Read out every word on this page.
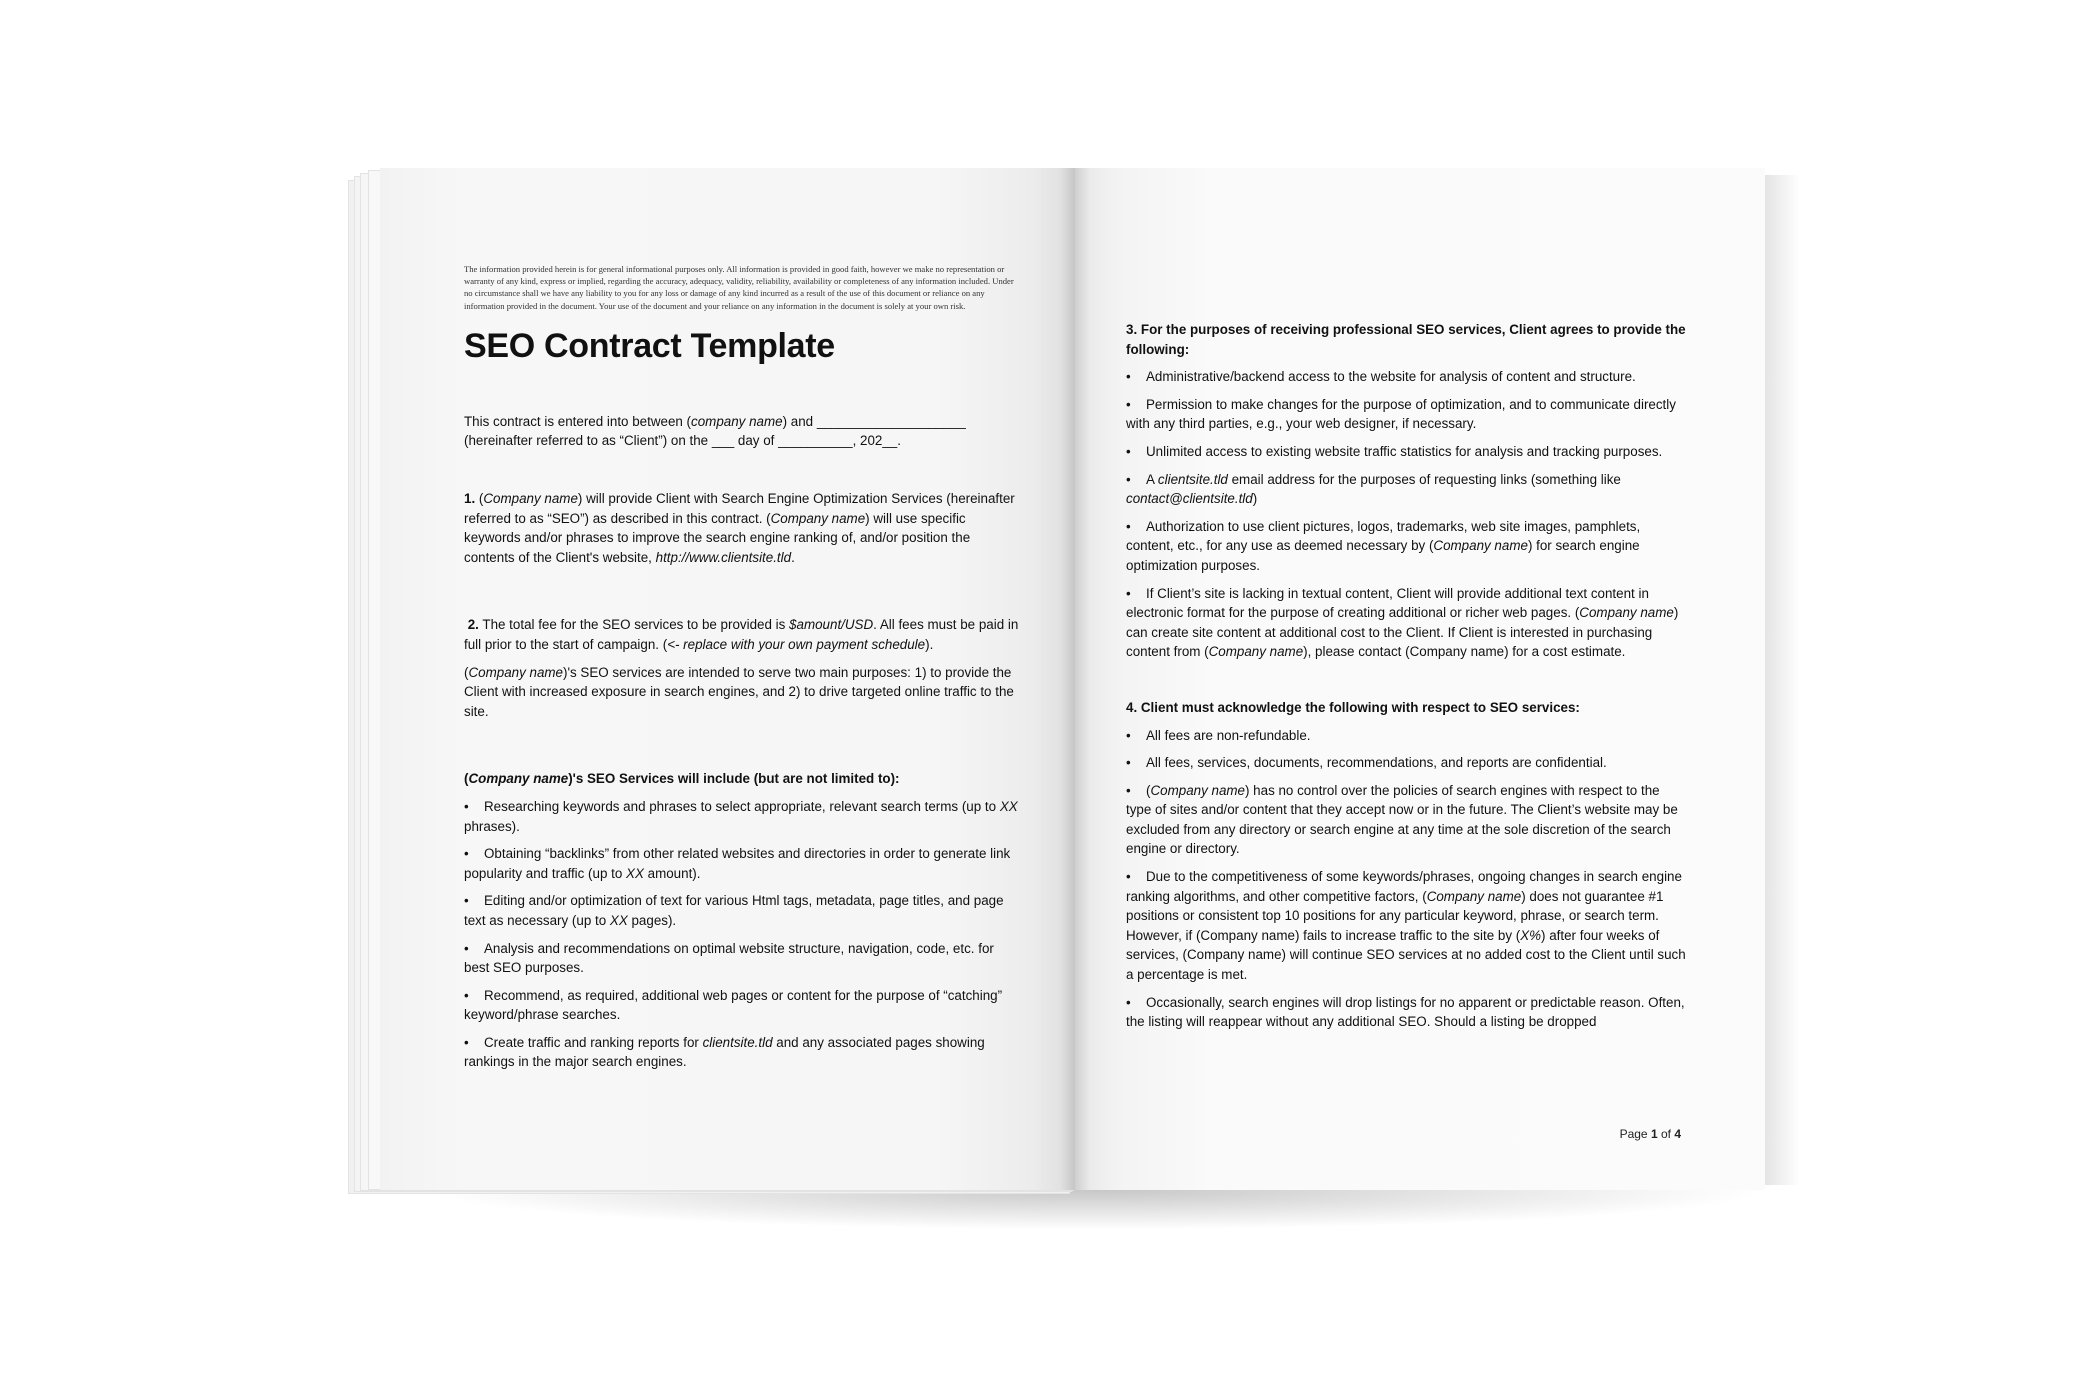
The information provided herein is for general informational purposes only. All information is provided in good faith, however we make no representation or warranty of any kind, express or implied, regarding the accuracy, adequacy, validity, reliability, availability or completeness of any information included. Under no circumstance shall we have any liability to you for any loss or damage of any kind incurred as a result of the use of this document or reliance on any information provided in the document. Your use of the document and your reliance on any information in the document is solely at your own risk.

SEO Contract Template

This contract is entered into between (company name) and ____________________ (hereinafter referred to as “Client”) on the ___ day of __________, 202__.

1. (Company name) will provide Client with Search Engine Optimization Services (hereinafter referred to as “SEO”) as described in this contract. (Company name) will use specific keywords and/or phrases to improve the search engine ranking of, and/or position the contents of the Client's website, http://www.clientsite.tld.

2. The total fee for the SEO services to be provided is $amount/USD. All fees must be paid in full prior to the start of campaign. (<- replace with your own payment schedule).

(Company name)'s SEO services are intended to serve two main purposes: 1) to provide the Client with increased exposure in search engines, and 2) to drive targeted online traffic to the site.

(Company name)'s SEO Services will include (but are not limited to):

• Researching keywords and phrases to select appropriate, relevant search terms (up to XX phrases).

• Obtaining “backlinks” from other related websites and directories in order to generate link popularity and traffic (up to XX amount).

• Editing and/or optimization of text for various Html tags, metadata, page titles, and page text as necessary (up to XX pages).

• Analysis and recommendations on optimal website structure, navigation, code, etc. for best SEO purposes.

• Recommend, as required, additional web pages or content for the purpose of “catching” keyword/phrase searches.

• Create traffic and ranking reports for clientsite.tld and any associated pages showing rankings in the major search engines.

3. For the purposes of receiving professional SEO services, Client agrees to provide the following:

• Administrative/backend access to the website for analysis of content and structure.

• Permission to make changes for the purpose of optimization, and to communicate directly with any third parties, e.g., your web designer, if necessary.

• Unlimited access to existing website traffic statistics for analysis and tracking purposes.

• A clientsite.tld email address for the purposes of requesting links (something like contact@clientsite.tld)

• Authorization to use client pictures, logos, trademarks, web site images, pamphlets, content, etc., for any use as deemed necessary by (Company name) for search engine optimization purposes.

• If Client’s site is lacking in textual content, Client will provide additional text content in electronic format for the purpose of creating additional or richer web pages. (Company name) can create site content at additional cost to the Client. If Client is interested in purchasing content from (Company name), please contact (Company name) for a cost estimate.

4. Client must acknowledge the following with respect to SEO services:

• All fees are non-refundable.

• All fees, services, documents, recommendations, and reports are confidential.

• (Company name) has no control over the policies of search engines with respect to the type of sites and/or content that they accept now or in the future. The Client’s website may be excluded from any directory or search engine at any time at the sole discretion of the search engine or directory.

• Due to the competitiveness of some keywords/phrases, ongoing changes in search engine ranking algorithms, and other competitive factors, (Company name) does not guarantee #1 positions or consistent top 10 positions for any particular keyword, phrase, or search term. However, if (Company name) fails to increase traffic to the site by (X%) after four weeks of services, (Company name) will continue SEO services at no added cost to the Client until such a percentage is met.

• Occasionally, search engines will drop listings for no apparent or predictable reason. Often, the listing will reappear without any additional SEO. Should a listing be dropped

Page 1 of 4
